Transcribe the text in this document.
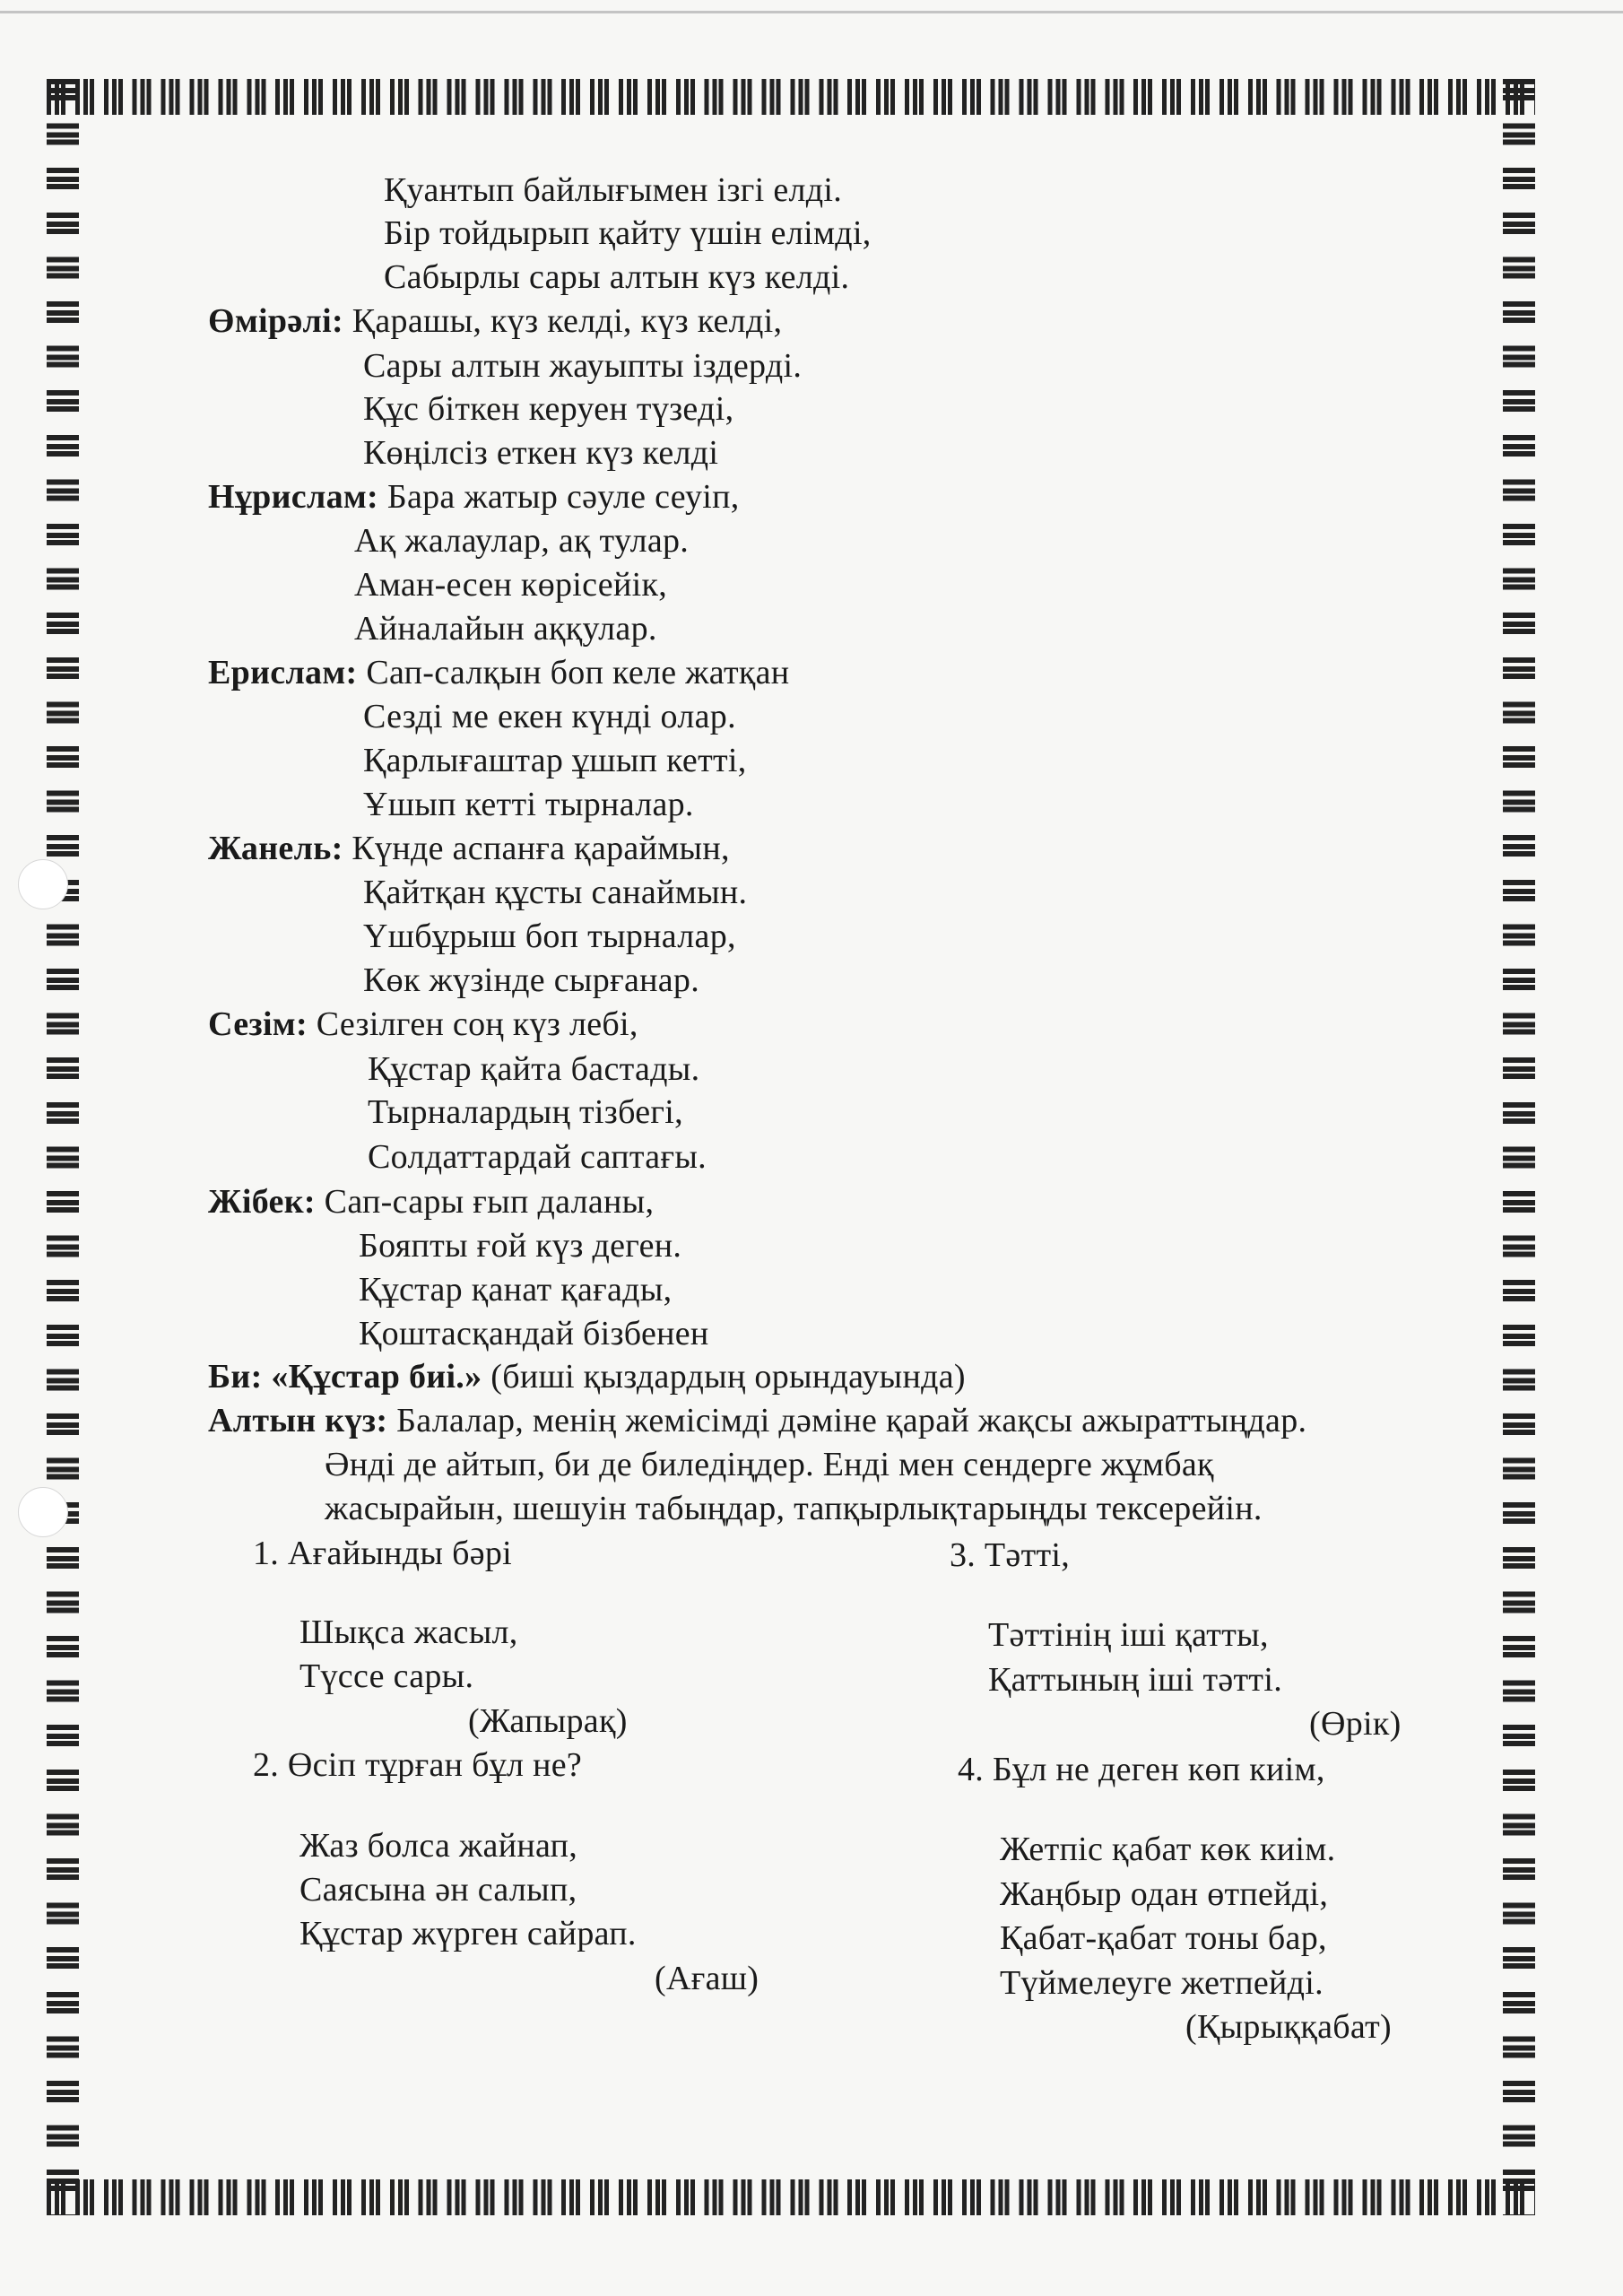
Қуантып байлығымен ізгі елді.
Бір тойдырып қайту үшін елімді,
Сабырлы сары алтын күз келді.
Өмірәлі: Қарашы, күз келді, күз келді,
Сары алтын жауыпты іздерді.
Құс біткен керуен түзеді,
Көңілсіз еткен күз келді
Нұрислам: Бара жатыр сәуле сеуіп,
Ақ жалаулар, ақ тулар.
Аман-есен көрісейік,
Айналайын аққулар.
Ерислам: Сап-салқын боп келе жатқан
Сезді ме екен күнді олар.
Қарлығаштар ұшып кетті,
Ұшып кетті тырналар.
Жанель: Күнде аспанға қараймын,
Қайтқан құсты санаймын.
Үшбұрыш боп тырналар,
Көк жүзінде сырғанар.
Сезім: Сезілген соң күз лебі,
Құстар қайта бастады.
Тырналардың тізбегі,
Солдаттардай саптағы.
Жібек: Сап-сары ғып даланы,
Бояпты ғой күз деген.
Құстар қанат қағады,
Қоштасқандай бізбенен
Би: «Құстар биі.» (биші қыздардың орындауында)
Алтын күз: Балалар, менің жемісімді дәміне қарай жақсы ажыраттыңдар.
Әнді де айтып, би де биледіңдер. Енді мен сендерге жұмбақ
жасырайын, шешуін табыңдар, тапқырлықтарыңды тексерейін.
1. Ағайынды бәрі
Шықса жасыл,
Түссе сары.
(Жапырақ)
2. Өсіп тұрған бұл не?
Жаз болса жайнап,
Саясына ән салып,
Құстар жүрген сайрап.
(Ағаш)
3. Тәтті,
Тәттінің іші қатты,
Қаттының іші тәтті.
(Өрік)
4. Бұл не деген көп киім,
Жетпіс қабат көк киім.
Жаңбыр одан өтпейді,
Қабат-қабат тоны бар,
Түймелеуге жетпейді.
(Қырыққабат)
